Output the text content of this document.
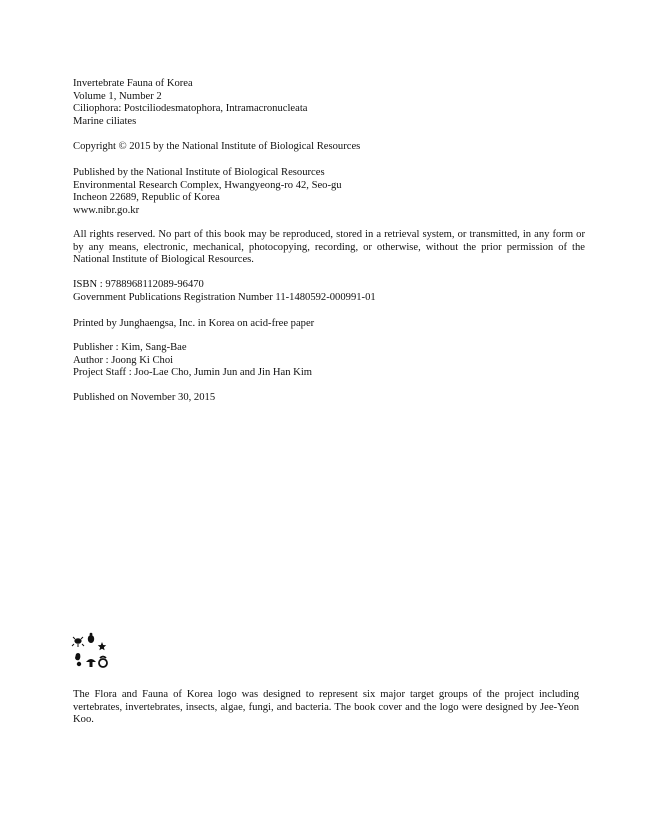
Invertebrate Fauna of Korea
Volume 1, Number 2
Ciliophora: Postciliodesmatophora, Intramacronucleata
Marine ciliates
Copyright © 2015 by the National Institute of Biological Resources
Published by the National Institute of Biological Resources
Environmental Research Complex, Hwangyeong-ro 42, Seo-gu
Incheon 22689, Republic of Korea
www.nibr.go.kr
All rights reserved. No part of this book may be reproduced, stored in a retrieval system, or transmitted, in any form or by any means, electronic, mechanical, photocopying, recording, or otherwise, without the prior permission of the National Institute of Biological Resources.
ISBN : 9788968112089-96470
Government Publications Registration Number 11-1480592-000991-01
Printed by Junghaengsa, Inc. in Korea on acid-free paper
Publisher : Kim, Sang-Bae
Author : Joong Ki Choi
Project Staff : Joo-Lae Cho, Jumin Jun and Jin Han Kim
Published on November 30, 2015
The Flora and Fauna of Korea logo was designed to represent six major target groups of the project including vertebrates, invertebrates, insects, algae, fungi, and bacteria. The book cover and the logo were designed by Jee-Yeon Koo.
